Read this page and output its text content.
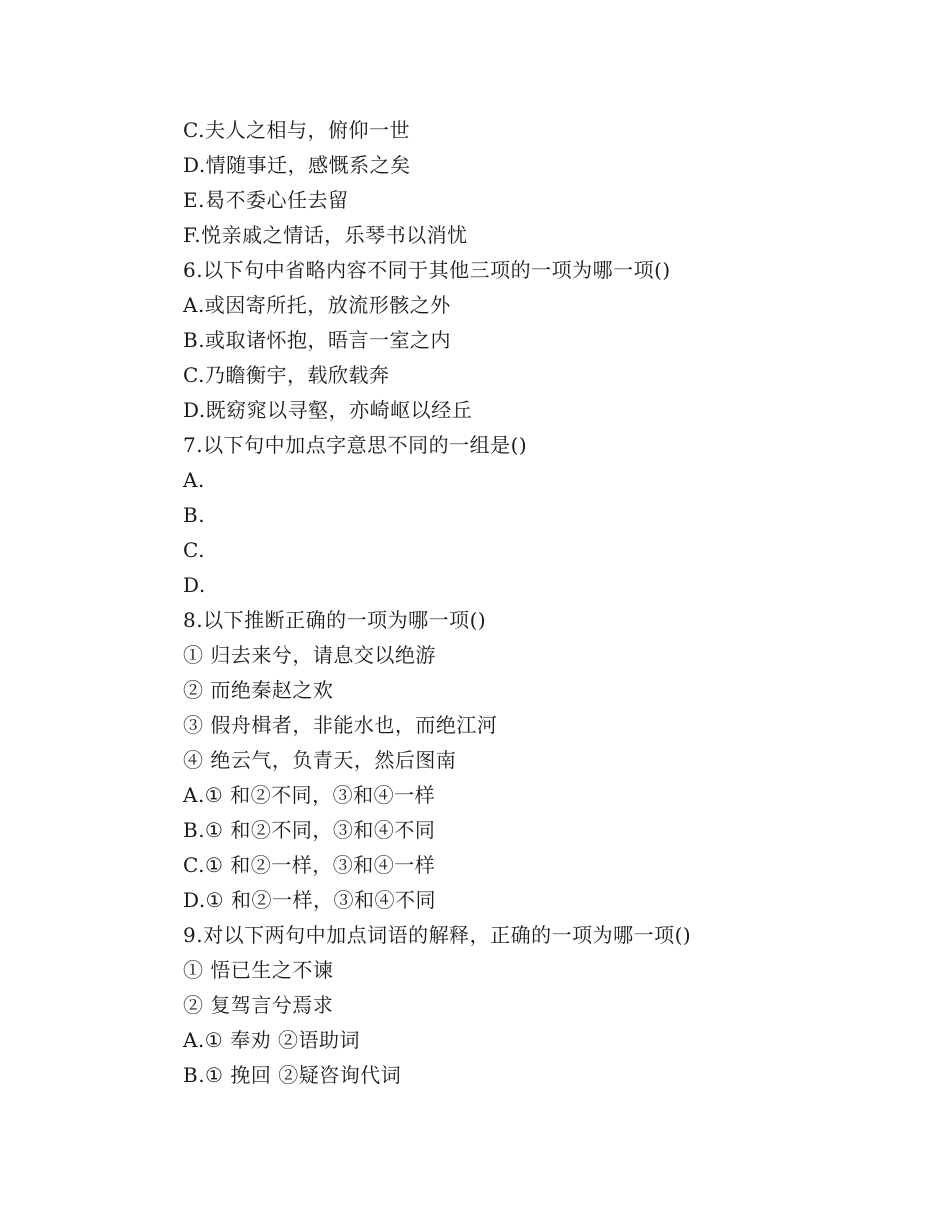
C.夫人之相与，俯仰一世
D.情随事迁，感慨系之矣
E.曷不委心任去留
F.悦亲戚之情话，乐琴书以消忧
6.以下句中省略内容不同于其他三项的一项为哪一项()
A.或因寄所托，放流形骸之外
B.或取诸怀抱，晤言一室之内
C.乃瞻衡宇，载欣载奔
D.既窈窕以寻壑，亦崎岖以经丘
7.以下句中加点字意思不同的一组是()
A.
B.
C.
D.
8.以下推断正确的一项为哪一项()
① 归去来兮，请息交以绝游
② 而绝秦赵之欢
③ 假舟楫者，非能水也，而绝江河
④ 绝云气，负青天，然后图南
A.① 和②不同，③和④一样
B.① 和②不同，③和④不同
C.① 和②一样，③和④一样
D.① 和②一样，③和④不同
9.对以下两句中加点词语的解释，正确的一项为哪一项()
① 悟已生之不谏
② 复驾言兮焉求
A.① 奉劝 ②语助词
B.① 挽回 ②疑咨询代词
